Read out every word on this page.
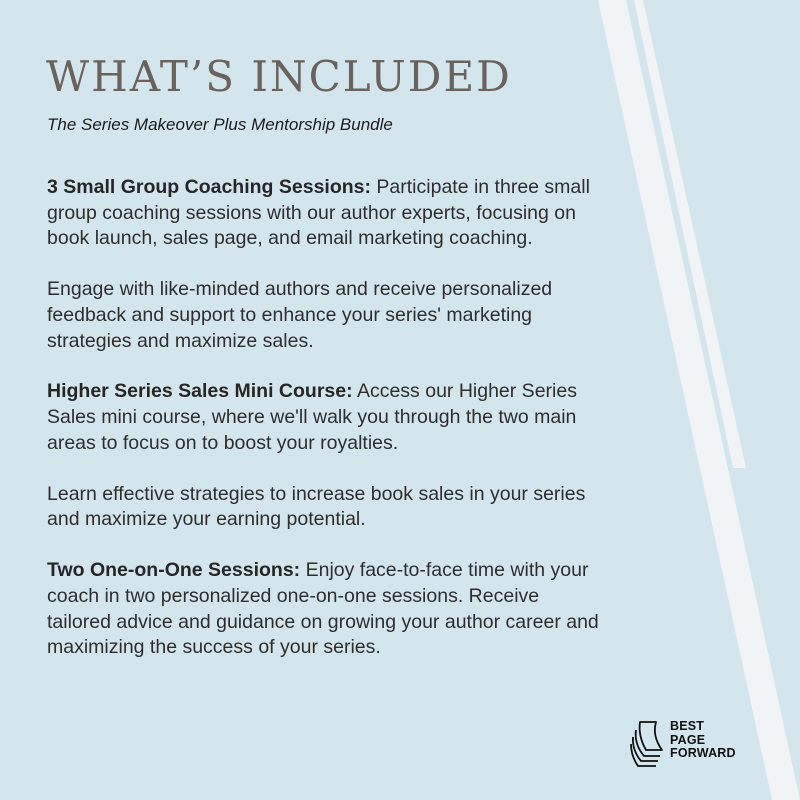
WHAT’S INCLUDED

The Series Makeover Plus Mentorship Bundle

3 Small Group Coaching Sessions: Participate in three small group coaching sessions with our author experts, focusing on book launch, sales page, and email marketing coaching.

Engage with like-minded authors and receive personalized feedback and support to enhance your series' marketing strategies and maximize sales.

Higher Series Sales Mini Course: Access our Higher Series Sales mini course, where we'll walk you through the two main areas to focus on to boost your royalties.

Learn effective strategies to increase book sales in your series and maximize your earning potential.

Two One-on-One Sessions: Enjoy face-to-face time with your coach in two personalized one-on-one sessions. Receive tailored advice and guidance on growing your author career and maximizing the success of your series.

BEST
PAGE
FORWARD
